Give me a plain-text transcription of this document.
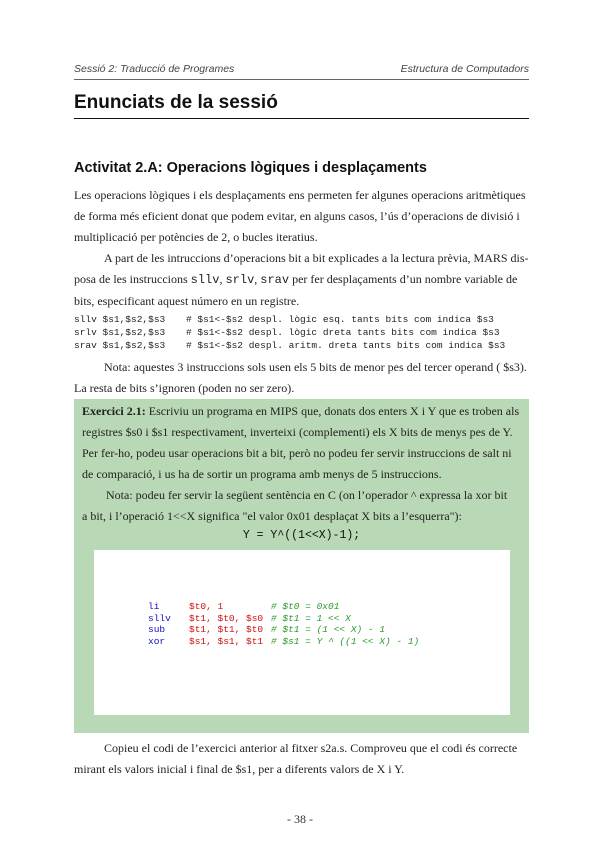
Sessió 2: Traducció de Programes	Estructura de Computadors
Enunciats de la sessió
Activitat 2.A: Operacions lògiques i desplaçaments
Les operacions lògiques i els desplaçaments ens permeten fer algunes operacions aritmètiques
de forma més eficient donat que podem evitar, en alguns casos, l’ús d’operacions de divisió i
multiplicació per potències de 2, o bucles iteratius.
A part de les intruccions d’operacions bit a bit explicades a la lectura prèvia, MARS dis-
posa de les instruccions sllv, srlv, srav per fer desplaçaments d’un nombre variable de
bits, especificant aquest número en un registre.
sllv $s1,$s2,$s3	# $s1<-$s2 despl. lògic esq. tants bits com indica $s3
srlv $s1,$s2,$s3	# $s1<-$s2 despl. lògic dreta tants bits com indica $s3
srav $s1,$s2,$s3	# $s1<-$s2 despl. aritm. dreta tants bits com indica $s3
Nota: aquestes 3 instruccions sols usen els 5 bits de menor pes del tercer operand ( $s3).
La resta de bits s’ignoren (poden no ser zero).
Exercici 2.1: Escriviu un programa en MIPS que, donats dos enters X i Y que es troben als
registres $s0 i $s1 respectivament, inverteixi (complementi) els X bits de menys pes de Y.
Per fer-ho, podeu usar operacions bit a bit, però no podeu fer servir instruccions de salt ni
de comparació, i us ha de sortir un programa amb menys de 5 instruccions.
Nota: podeu fer servir la següent sentència en C (on l’operador ^ expressa la xor bit
a bit, i l’operació 1<<X significa "el valor 0x01 desplaçat X bits a l’esquerra"):
Y = Y^((1<<X)-1);
li	$t0, 1	# $t0 = 0x01
sllv	$t1, $t0, $s0 # $t1 = 1 << X
sub	$t1, $t1, $t0 # $t1 = (1 << X) - 1
xor	$s1, $s1, $t1 # $s1 = Y ^ ((1 << X) - 1)
Copieu el codi de l’exercici anterior al fitxer s2a.s. Comproveu que el codi és correcte
mirant els valors inicial i final de $s1, per a diferents valors de X i Y.
- 38 -
